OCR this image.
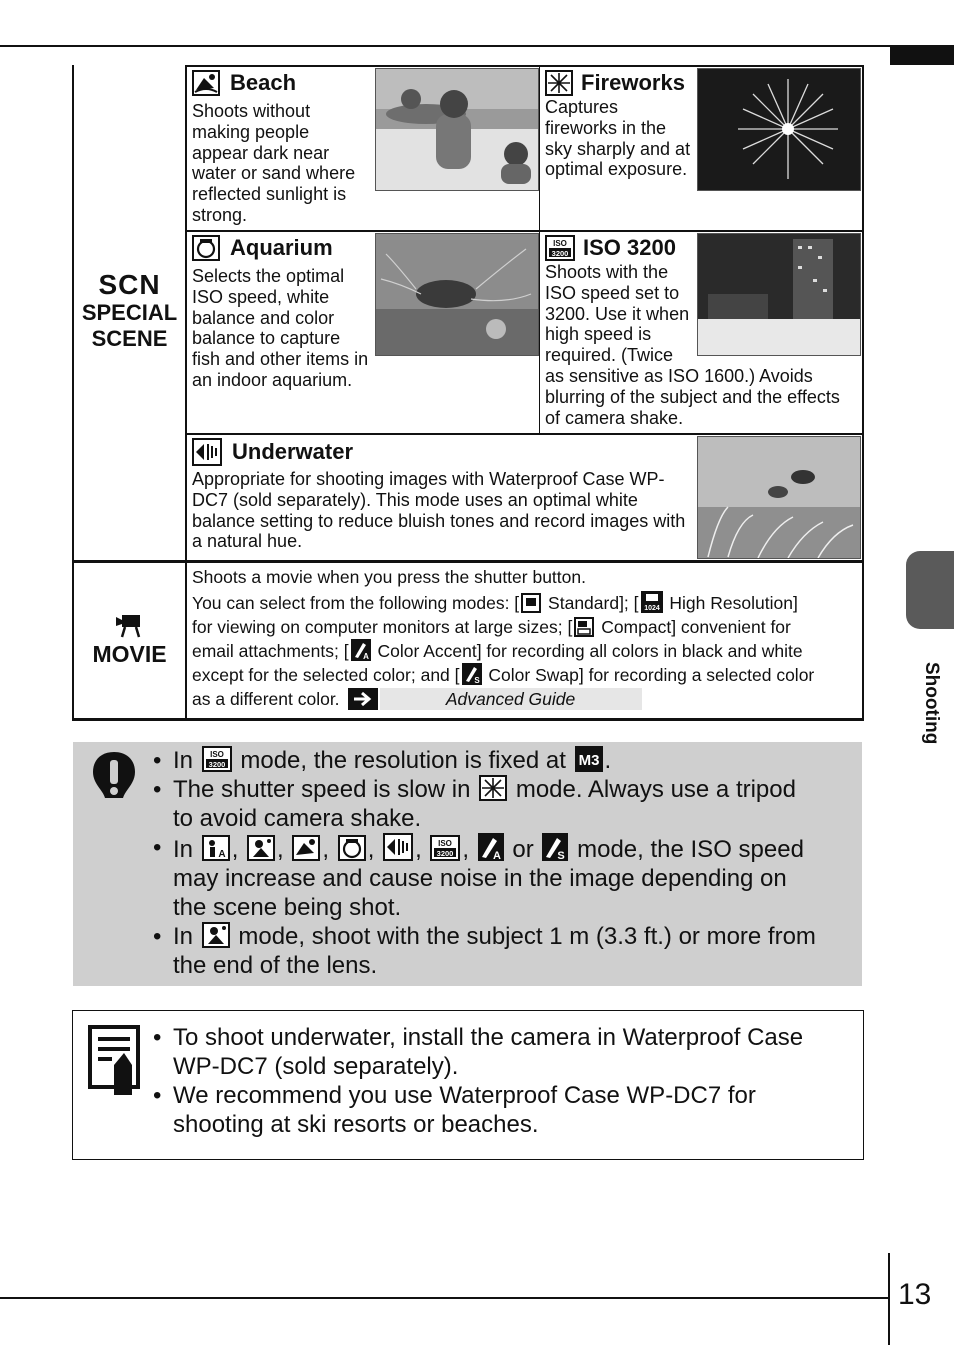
Shooting
SCN
SPECIAL
SCENE
MOVIE
Beach
Shoots without making people appear dark near water or sand where reflected sunlight is strong.
Fireworks
Captures fireworks in the sky sharply and at optimal exposure.
Aquarium
Selects the optimal ISO speed, white balance and color balance to capture fish and other items in an indoor aquarium.
ISO
3200 ISO 3200
Shoots with the ISO speed set to 3200. Use it when high speed is required. (Twice
as sensitive as ISO 1600.) Avoids blurring of the subject and the effects of camera shake.
Underwater
Appropriate for shooting images with Waterproof Case WP-DC7 (sold separately). This mode uses an optimal white balance setting to reduce bluish tones and record images with a natural hue.
Shoots a movie when you press the shutter button.
You can select from the following modes: [ Standard]; [ 1024 High Resolution]
for viewing on computer monitors at large sizes; [ Compact] convenient for
email attachments; [ A Color Accent] for recording all colors in black and white
except for the selected color; and [ S Color Swap] for recording a selected color
as a different color.	Advanced Guide
• In ISO
3200 mode, the resolution is fixed at M3 .
• The shutter speed is slow in mode. Always use a tripod
to avoid camera shake.
• In	A , , , , , ISO
3200 , A or S mode, the ISO speed
may increase and cause noise in the image depending on
the scene being shot.
• In mode, shoot with the subject 1 m (3.3 ft.) or more from
the end of the lens.
• To shoot underwater, install the camera in Waterproof Case
WP-DC7 (sold separately).
• We recommend you use Waterproof Case WP-DC7 for
shooting at ski resorts or beaches.
13
